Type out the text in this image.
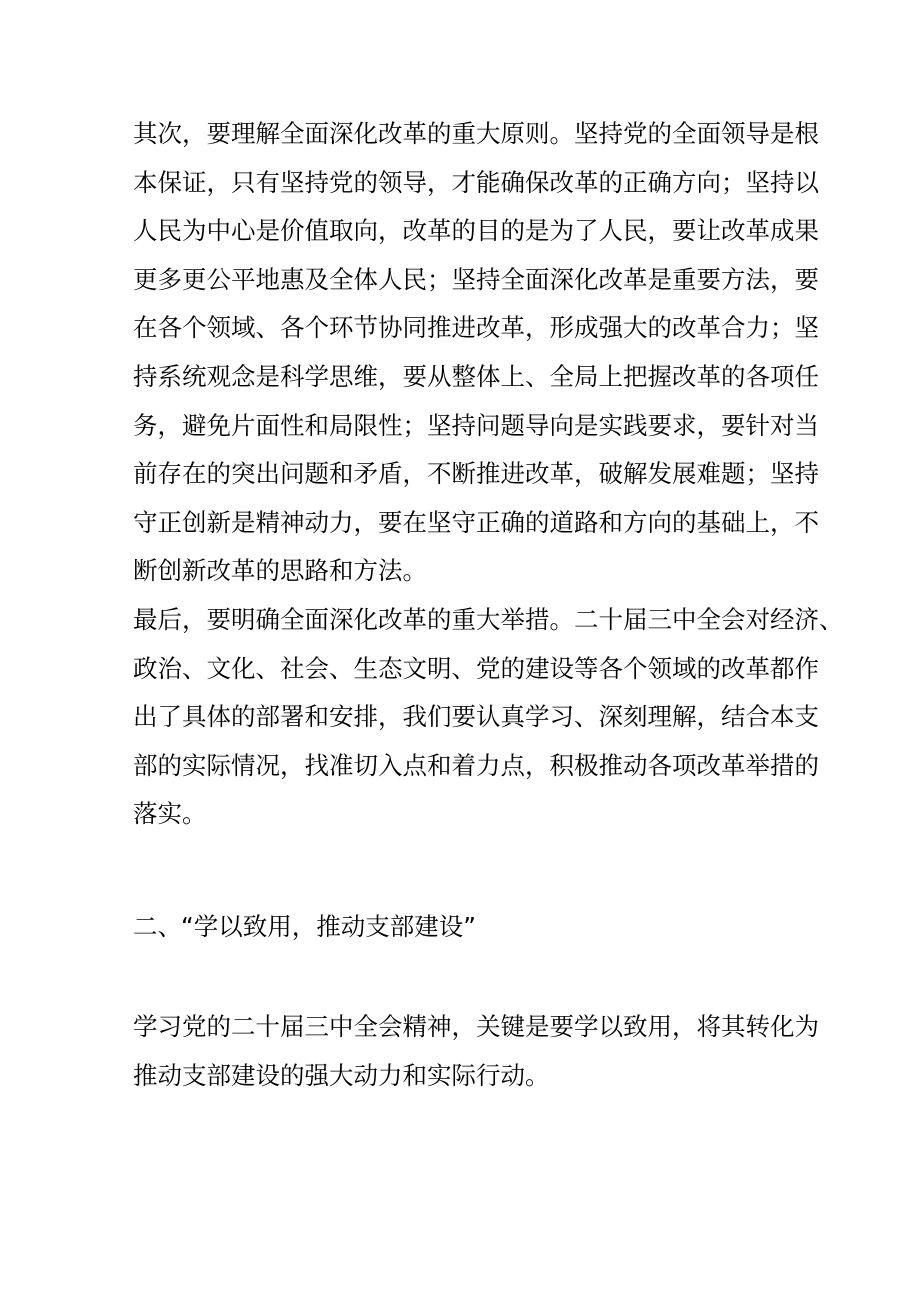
其次，要理解全面深化改革的重大原则。坚持党的全面领导是根
本保证，只有坚持党的领导，才能确保改革的正确方向；坚持以
人民为中心是价值取向，改革的目的是为了人民，要让改革成果
更多更公平地惠及全体人民；坚持全面深化改革是重要方法，要
在各个领域、各个环节协同推进改革，形成强大的改革合力；坚
持系统观念是科学思维，要从整体上、全局上把握改革的各项任
务，避免片面性和局限性；坚持问题导向是实践要求，要针对当
前存在的突出问题和矛盾，不断推进改革，破解发展难题；坚持
守正创新是精神动力，要在坚守正确的道路和方向的基础上，不
断创新改革的思路和方法。
最后，要明确全面深化改革的重大举措。二十届三中全会对经济、
政治、文化、社会、生态文明、党的建设等各个领域的改革都作
出了具体的部署和安排，我们要认真学习、深刻理解，结合本支
部的实际情况，找准切入点和着力点，积极推动各项改革举措的
落实。
二、“学以致用，推动支部建设”
学习党的二十届三中全会精神，关键是要学以致用，将其转化为
推动支部建设的强大动力和实际行动。
